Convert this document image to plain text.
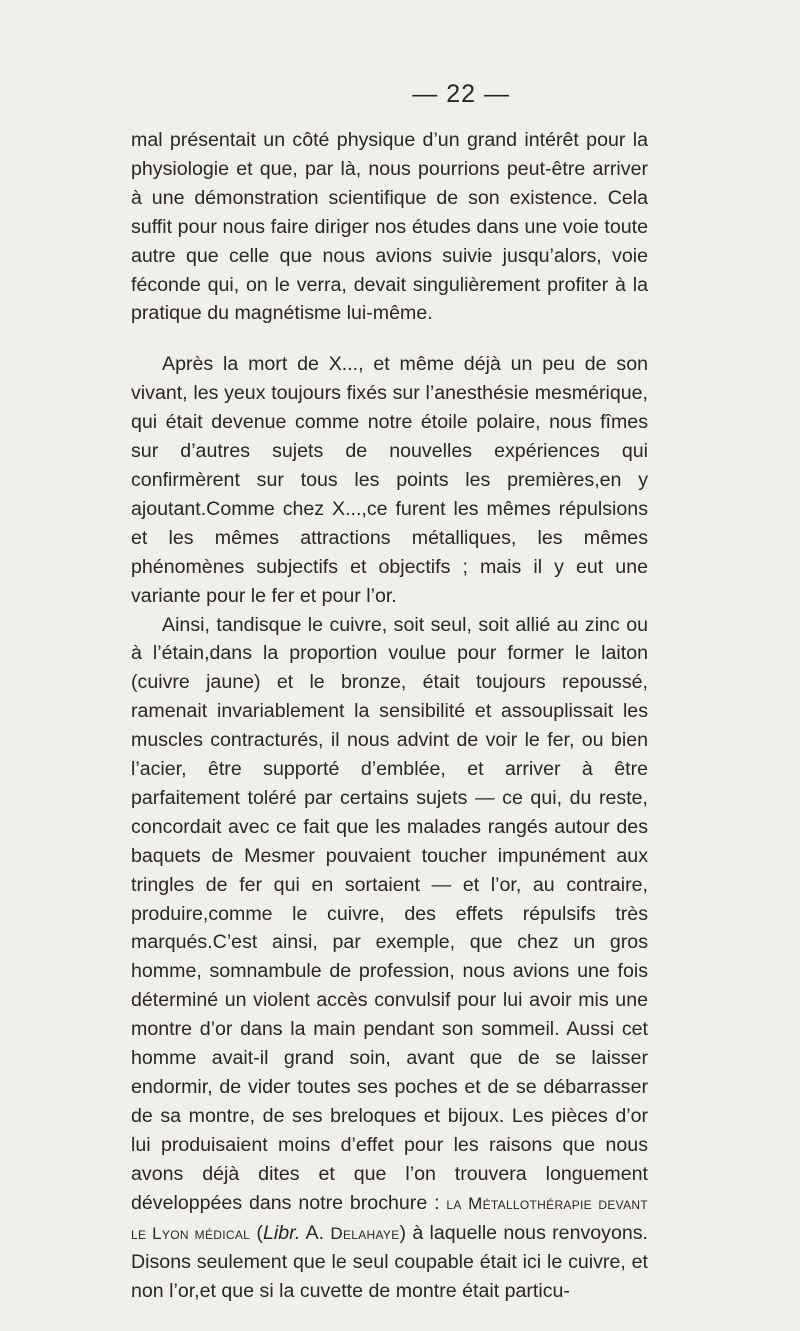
— 22 —

mal présentait un côté physique d’un grand intérêt pour la physiologie et que, par là, nous pourrions peut-être arriver à une démonstration scientifique de son existence. Cela suffit pour nous faire diriger nos études dans une voie toute autre que celle que nous avions suivie jusqu’alors, voie féconde qui, on le verra, devait singulièrement profiter à la pratique du magnétisme lui-même.

Après la mort de X..., et même déjà un peu de son vivant, les yeux toujours fixés sur l’anesthésie mesmérique, qui était devenue comme notre étoile polaire, nous fîmes sur d’autres sujets de nouvelles expériences qui confirmèrent sur tous les points les premières,en y ajoutant.Comme chez X...,ce furent les mêmes répulsions et les mêmes attractions métalliques, les mêmes phénomènes subjectifs et objectifs ; mais il y eut une variante pour le fer et pour l’or.

Ainsi, tandisque le cuivre, soit seul, soit allié au zinc ou à l’étain,dans la proportion voulue pour former le laiton (cuivre jaune) et le bronze, était toujours repoussé, ramenait invariablement la sensibilité et assouplissait les muscles contracturés, il nous advint de voir le fer, ou bien l’acier, être supporté d’emblée, et arriver à être parfaitement toléré par certains sujets — ce qui, du reste, concordait avec ce fait que les malades rangés autour des baquets de Mesmer pouvaient toucher impunément aux tringles de fer qui en sortaient — et l’or, au contraire, produire,comme le cuivre, des effets répulsifs très marqués.C’est ainsi, par exemple, que chez un gros homme, somnambule de profession, nous avions une fois déterminé un violent accès convulsif pour lui avoir mis une montre d’or dans la main pendant son sommeil. Aussi cet homme avait-il grand soin, avant que de se laisser endormir, de vider toutes ses poches et de se débarrasser de sa montre, de ses breloques et bijoux. Les pièces d’or lui produisaient moins d’effet pour les raisons que nous avons déjà dites et que l’on trouvera longuement développées dans notre brochure : la Métallothérapie devant le Lyon médical (Libr. A. Delahaye) à laquelle nous renvoyons. Disons seulement que le seul coupable était ici le cuivre, et non l’or,et que si la cuvette de montre était particu-
